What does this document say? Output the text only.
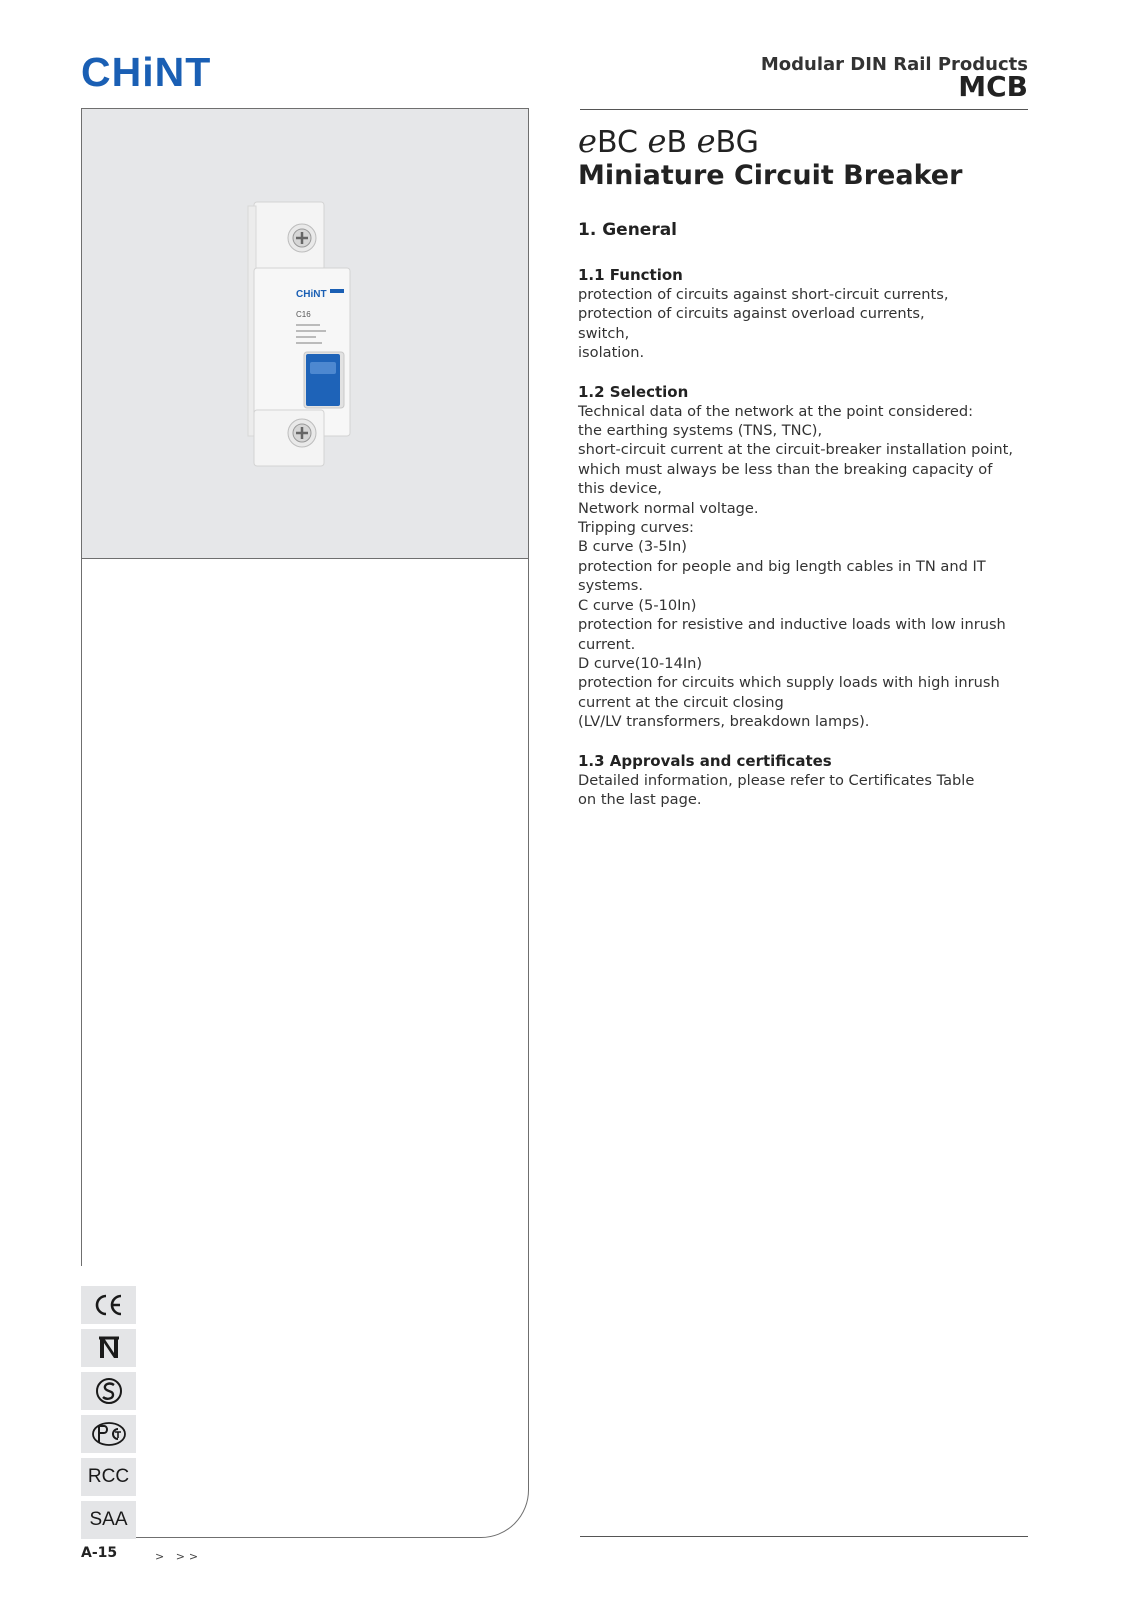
CHiNT	Modular DIN Rail Products
MCB
CHiNT
C16
RCC
SAA
A-15	> >>
eBC eB eBG
Miniature Circuit Breaker
1. General
1.1 Function
protection of circuits against short-circuit currents,
protection of circuits against overload currents,
switch,
isolation.
1.2 Selection
Technical data of the network at the point considered:
the earthing systems (TNS, TNC),
short-circuit current at the circuit-breaker installation point,
which must always be less than the breaking capacity of
this device,
Network normal voltage.
Tripping curves:
B curve (3-5In)
protection for people and big length cables in TN and IT
systems.
C curve (5-10In)
protection for resistive and inductive loads with low inrush
current.
D curve(10-14In)
protection for circuits which supply loads with high inrush
current at the circuit closing
(LV/LV transformers, breakdown lamps).
1.3 Approvals and certificates
Detailed information, please refer to Certificates Table
on the last page.
